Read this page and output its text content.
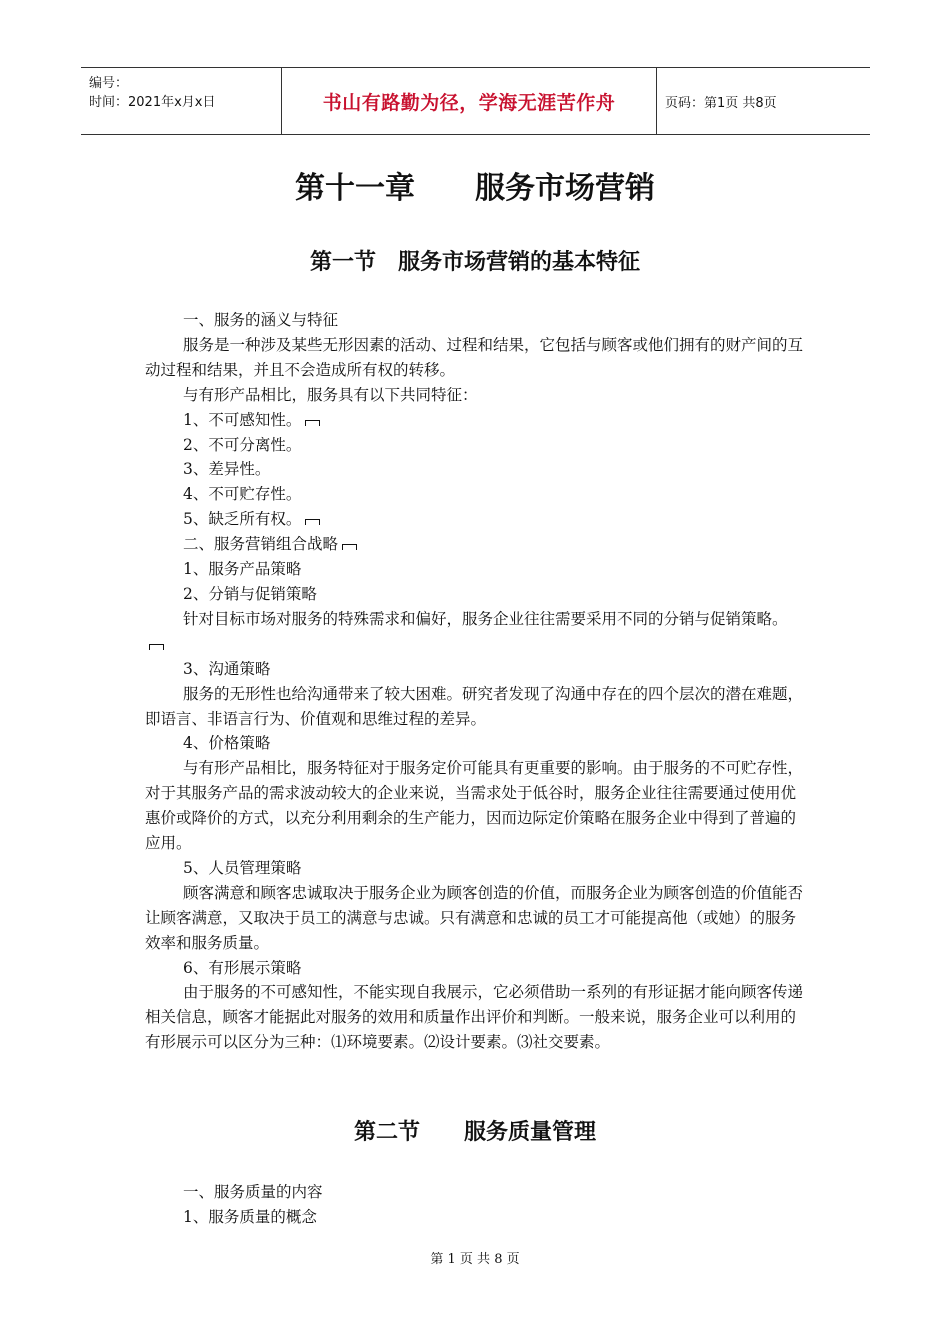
编号：
时间：2021年x月x日	书山有路勤为径，学海无涯苦作舟	页码：第1页 共8页
第十一章　　服务市场营销
第一节　服务市场营销的基本特征

一、服务的涵义与特征

服务是一种涉及某些无形因素的活动、过程和结果，它包括与顾客或他们拥有的财产间的互动过程和结果，并且不会造成所有权的转移。

与有形产品相比，服务具有以下共同特征：

1、不可感知性。

2、不可分离性。

3、差异性。

4、不可贮存性。

5、缺乏所有权。

二、服务营销组合战略

1、服务产品策略

2、分销与促销策略

针对目标市场对服务的特殊需求和偏好，服务企业往往需要采用不同的分销与促销策略。

3、沟通策略

服务的无形性也给沟通带来了较大困难。研究者发现了沟通中存在的四个层次的潜在难题，即语言、非语言行为、价值观和思维过程的差异。

4、价格策略

与有形产品相比，服务特征对于服务定价可能具有更重要的影响。由于服务的不可贮存性，对于其服务产品的需求波动较大的企业来说，当需求处于低谷时，服务企业往往需要通过使用优惠价或降价的方式，以充分利用剩余的生产能力，因而边际定价策略在服务企业中得到了普遍的应用。

5、人员管理策略

顾客满意和顾客忠诚取决于服务企业为顾客创造的价值，而服务企业为顾客创造的价值能否让顾客满意，又取决于员工的满意与忠诚。只有满意和忠诚的员工才可能提高他（或她）的服务效率和服务质量。

6、有形展示策略

由于服务的不可感知性，不能实现自我展示，它必须借助一系列的有形证据才能向顾客传递相关信息，顾客才能据此对服务的效用和质量作出评价和判断。一般来说，服务企业可以利用的有形展示可以区分为三种：⑴环境要素。⑵设计要素。⑶社交要素。

第二节　　服务质量管理

一、服务质量的内容

1、服务质量的概念

第 1 页 共 8 页
